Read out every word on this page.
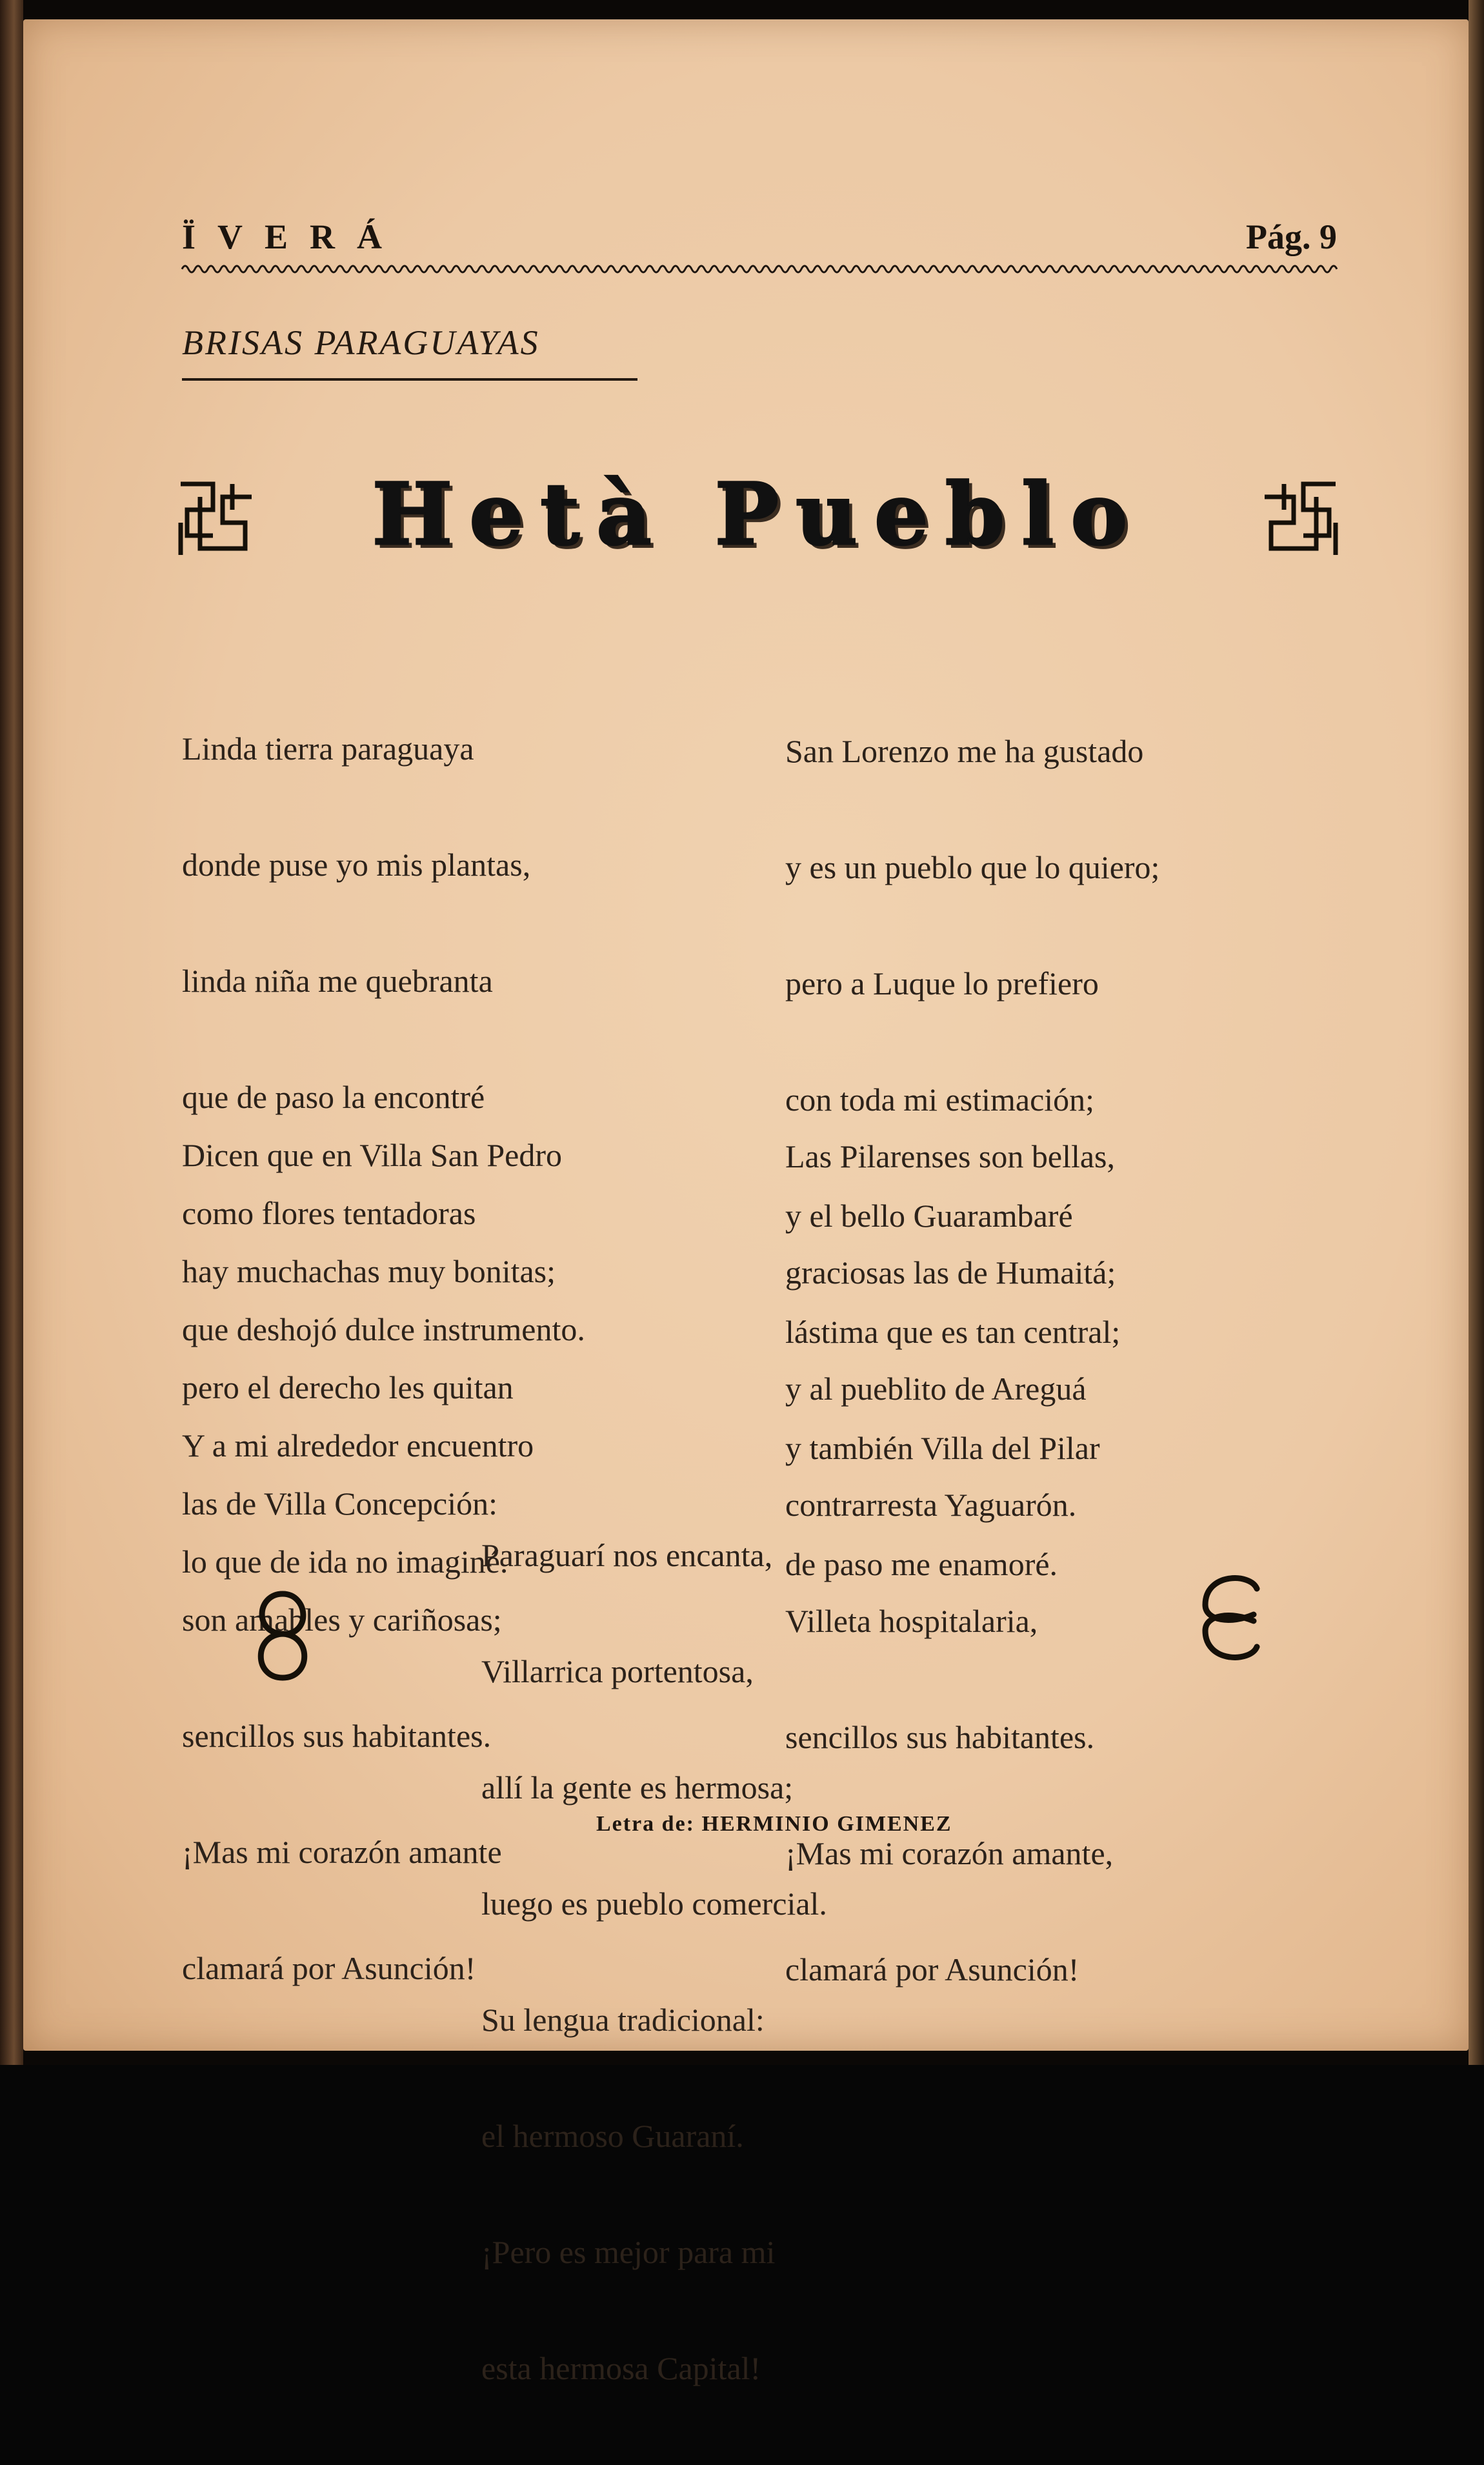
ÏVERÁ	Pág. 9
BRISAS PARAGUAYAS
Hetà Pueblo

Linda tierra paraguaya

donde puse yo mis plantas,

linda niña me quebranta

que de paso la encontré

como flores tentadoras

que deshojó dulce instrumento.

Y a mi alrededor encuentro

lo que de ida no imaginé.

San Lorenzo me ha gustado

y es un pueblo que lo quiero;

pero a Luque lo prefiero

con toda mi estimación;

y el bello Guarambaré

lástima que es tan central;

y también Villa del Pilar

de paso me enamoré.

Dicen que en Villa San Pedro

hay muchachas muy bonitas;

pero el derecho les quitan

las de Villa Concepción:

son amables y cariñosas;

sencillos sus habitantes.

¡Mas mi corazón amante

clamará por Asunción!

Las Pilarenses son bellas,

graciosas las de Humaitá;

y al pueblito de Areguá

contrarresta Yaguarón.

Villeta hospitalaria,

sencillos sus habitantes.

¡Mas mi corazón amante,

clamará por Asunción!

Paraguarí nos encanta,

Villarrica portentosa,

allí la gente es hermosa;

luego es pueblo comercial.

Su lengua tradicional:

el hermoso Guaraní.

¡Pero es mejor para mi

esta hermosa Capital!

Letra de: HERMINIO GIMENEZ
